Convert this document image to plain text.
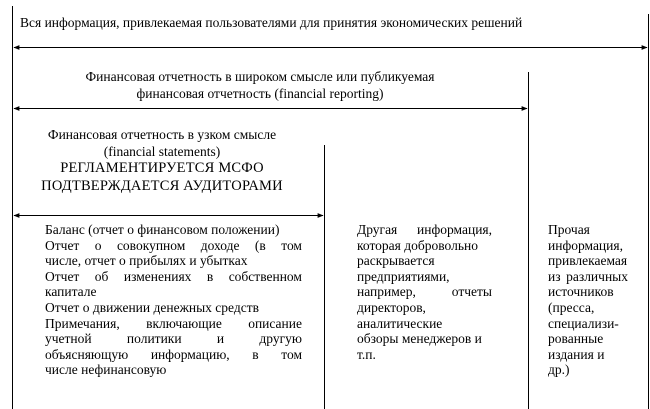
Вся информация, привлекаемая пользователями для принятия экономических решений
Финансовая отчетность в широком смысле или публикуемая
финансовая отчетность (financial reporting)
Финансовая отчетность в узком смысле
(financial statements)
РЕГЛАМЕНТИРУЕТСЯ МСФО
ПОДТВЕРЖДАЕТСЯ АУДИТОРАМИ
Баланс (отчет о финансовом положении)
Отчет о совокупном доходе (в том
числе, отчет о прибылях и убытках
Отчет об изменениях в собственном
капитале
Отчет о движении денежных средств
Примечания, включающие описание
учетной	политики	и	другую
объясняющую информацию, в том
числе нефинансовую
Другая информация,
которая добровольно
раскрывается
предприятиями,
например,	отчеты
директоров,
аналитические
обзоры менеджеров и
т.п.
Прочая
информация,
привлекаемая
из различных
источников
(пресса,
специализи-
рованные
издания и др.)
